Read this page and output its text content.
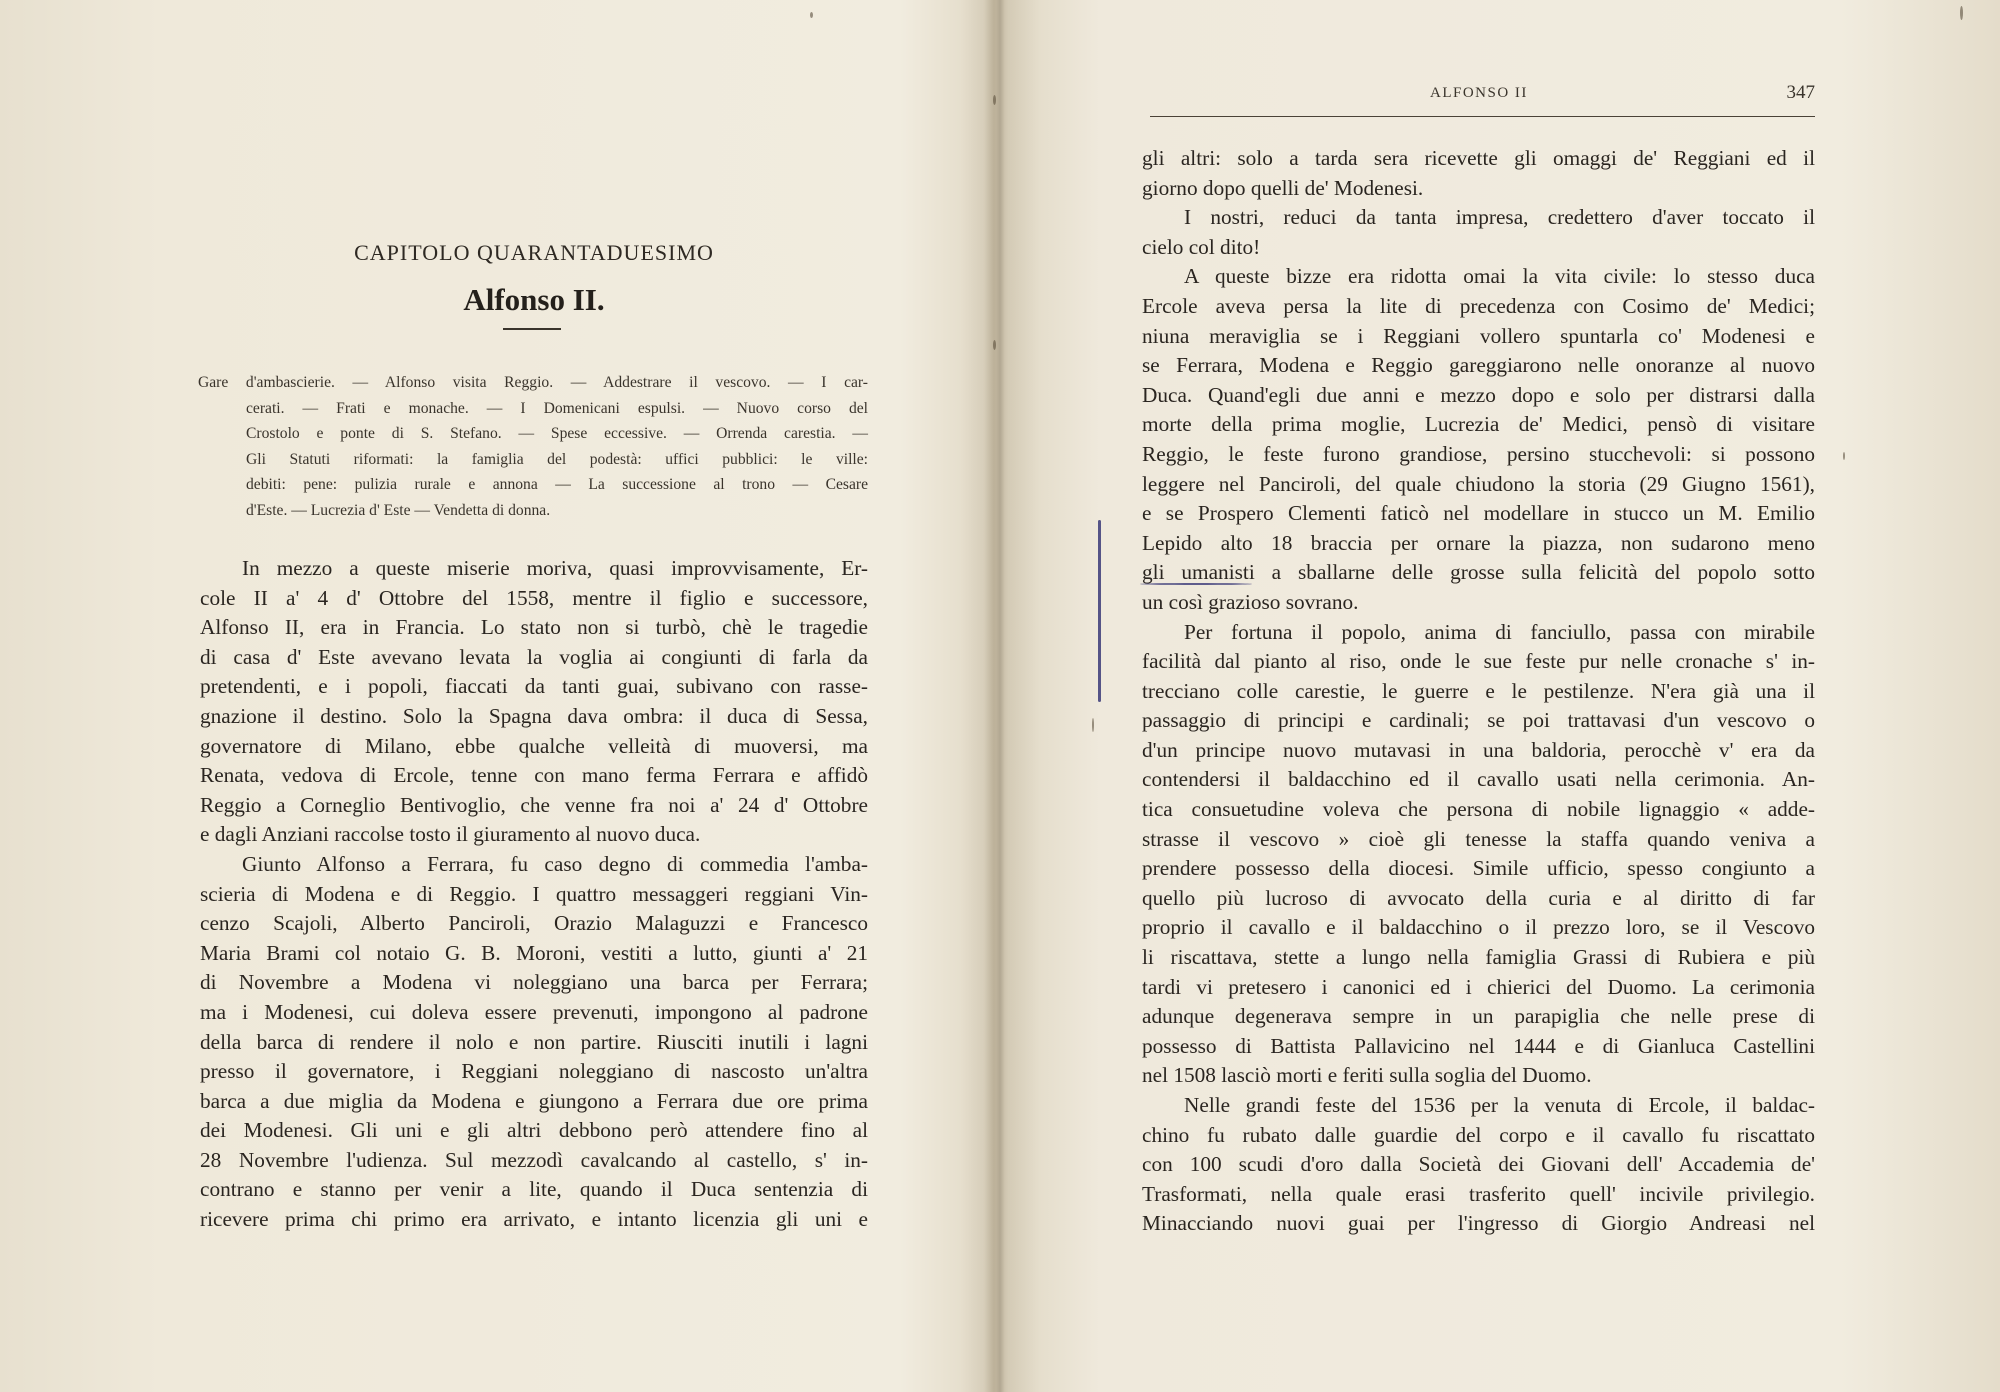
CAPITOLO QUARANTADUESIMO
Alfonso II.
Gare d'ambascierie. — Alfonso visita Reggio. — Addestrare il vescovo. — I car-
cerati. — Frati e monache. — I Domenicani espulsi. — Nuovo corso del
Crostolo e ponte di S. Stefano. — Spese eccessive. — Orrenda carestia. —
Gli Statuti riformati: la famiglia del podestà: uffici pubblici: le ville:
debiti: pene: pulizia rurale e annona — La successione al trono — Cesare
d'Este. — Lucrezia d' Este — Vendetta di donna.
In mezzo a queste miserie moriva, quasi improvvisamente, Er-
cole II a' 4 d' Ottobre del 1558, mentre il figlio e successore,
Alfonso II, era in Francia. Lo stato non si turbò, chè le tragedie
di casa d' Este avevano levata la voglia ai congiunti di farla da
pretendenti, e i popoli, fiaccati da tanti guai, subivano con rasse-
gnazione il destino. Solo la Spagna dava ombra: il duca di Sessa,
governatore di Milano, ebbe qualche velleità di muoversi, ma
Renata, vedova di Ercole, tenne con mano ferma Ferrara e affidò
Reggio a Corneglio Bentivoglio, che venne fra noi a' 24 d' Ottobre
e dagli Anziani raccolse tosto il giuramento al nuovo duca.
Giunto Alfonso a Ferrara, fu caso degno di commedia l'amba-
scieria di Modena e di Reggio. I quattro messaggeri reggiani Vin-
cenzo Scajoli, Alberto Panciroli, Orazio Malaguzzi e Francesco
Maria Brami col notaio G. B. Moroni, vestiti a lutto, giunti a' 21
di Novembre a Modena vi noleggiano una barca per Ferrara;
ma i Modenesi, cui doleva essere prevenuti, impongono al padrone
della barca di rendere il nolo e non partire. Riusciti inutili i lagni
presso il governatore, i Reggiani noleggiano di nascosto un'altra
barca a due miglia da Modena e giungono a Ferrara due ore prima
dei Modenesi. Gli uni e gli altri debbono però attendere fino al
28 Novembre l'udienza. Sul mezzodì cavalcando al castello, s' in-
contrano e stanno per venir a lite, quando il Duca sentenzia di
ricevere prima chi primo era arrivato, e intanto licenzia gli uni e
ALFONSO II	347
gli altri: solo a tarda sera ricevette gli omaggi de' Reggiani ed il
giorno dopo quelli de' Modenesi.
I nostri, reduci da tanta impresa, credettero d'aver toccato il
cielo col dito!
A queste bizze era ridotta omai la vita civile: lo stesso duca
Ercole aveva persa la lite di precedenza con Cosimo de' Medici;
niuna meraviglia se i Reggiani vollero spuntarla co' Modenesi e
se Ferrara, Modena e Reggio gareggiarono nelle onoranze al nuovo
Duca. Quand'egli due anni e mezzo dopo e solo per distrarsi dalla
morte della prima moglie, Lucrezia de' Medici, pensò di visitare
Reggio, le feste furono grandiose, persino stucchevoli: si possono
leggere nel Panciroli, del quale chiudono la storia (29 Giugno 1561),
e se Prospero Clementi faticò nel modellare in stucco un M. Emilio
Lepido alto 18 braccia per ornare la piazza, non sudarono meno
gli umanisti a sballarne delle grosse sulla felicità del popolo sotto
un così grazioso sovrano.
Per fortuna il popolo, anima di fanciullo, passa con mirabile
facilità dal pianto al riso, onde le sue feste pur nelle cronache s' in-
trecciano colle carestie, le guerre e le pestilenze. N'era già una il
passaggio di principi e cardinali; se poi trattavasi d'un vescovo o
d'un principe nuovo mutavasi in una baldoria, perocchè v' era da
contendersi il baldacchino ed il cavallo usati nella cerimonia. An-
tica consuetudine voleva che persona di nobile lignaggio « adde-
strasse il vescovo » cioè gli tenesse la staffa quando veniva a
prendere possesso della diocesi. Simile ufficio, spesso congiunto a
quello più lucroso di avvocato della curia e al diritto di far
proprio il cavallo e il baldacchino o il prezzo loro, se il Vescovo
li riscattava, stette a lungo nella famiglia Grassi di Rubiera e più
tardi vi pretesero i canonici ed i chierici del Duomo. La cerimonia
adunque degenerava sempre in un parapiglia che nelle prese di
possesso di Battista Pallavicino nel 1444 e di Gianluca Castellini
nel 1508 lasciò morti e feriti sulla soglia del Duomo.
Nelle grandi feste del 1536 per la venuta di Ercole, il baldac-
chino fu rubato dalle guardie del corpo e il cavallo fu riscattato
con 100 scudi d'oro dalla Società dei Giovani dell' Accademia de'
Trasformati, nella quale erasi trasferito quell' incivile privilegio.
Minacciando nuovi guai per l'ingresso di Giorgio Andreasi nel
